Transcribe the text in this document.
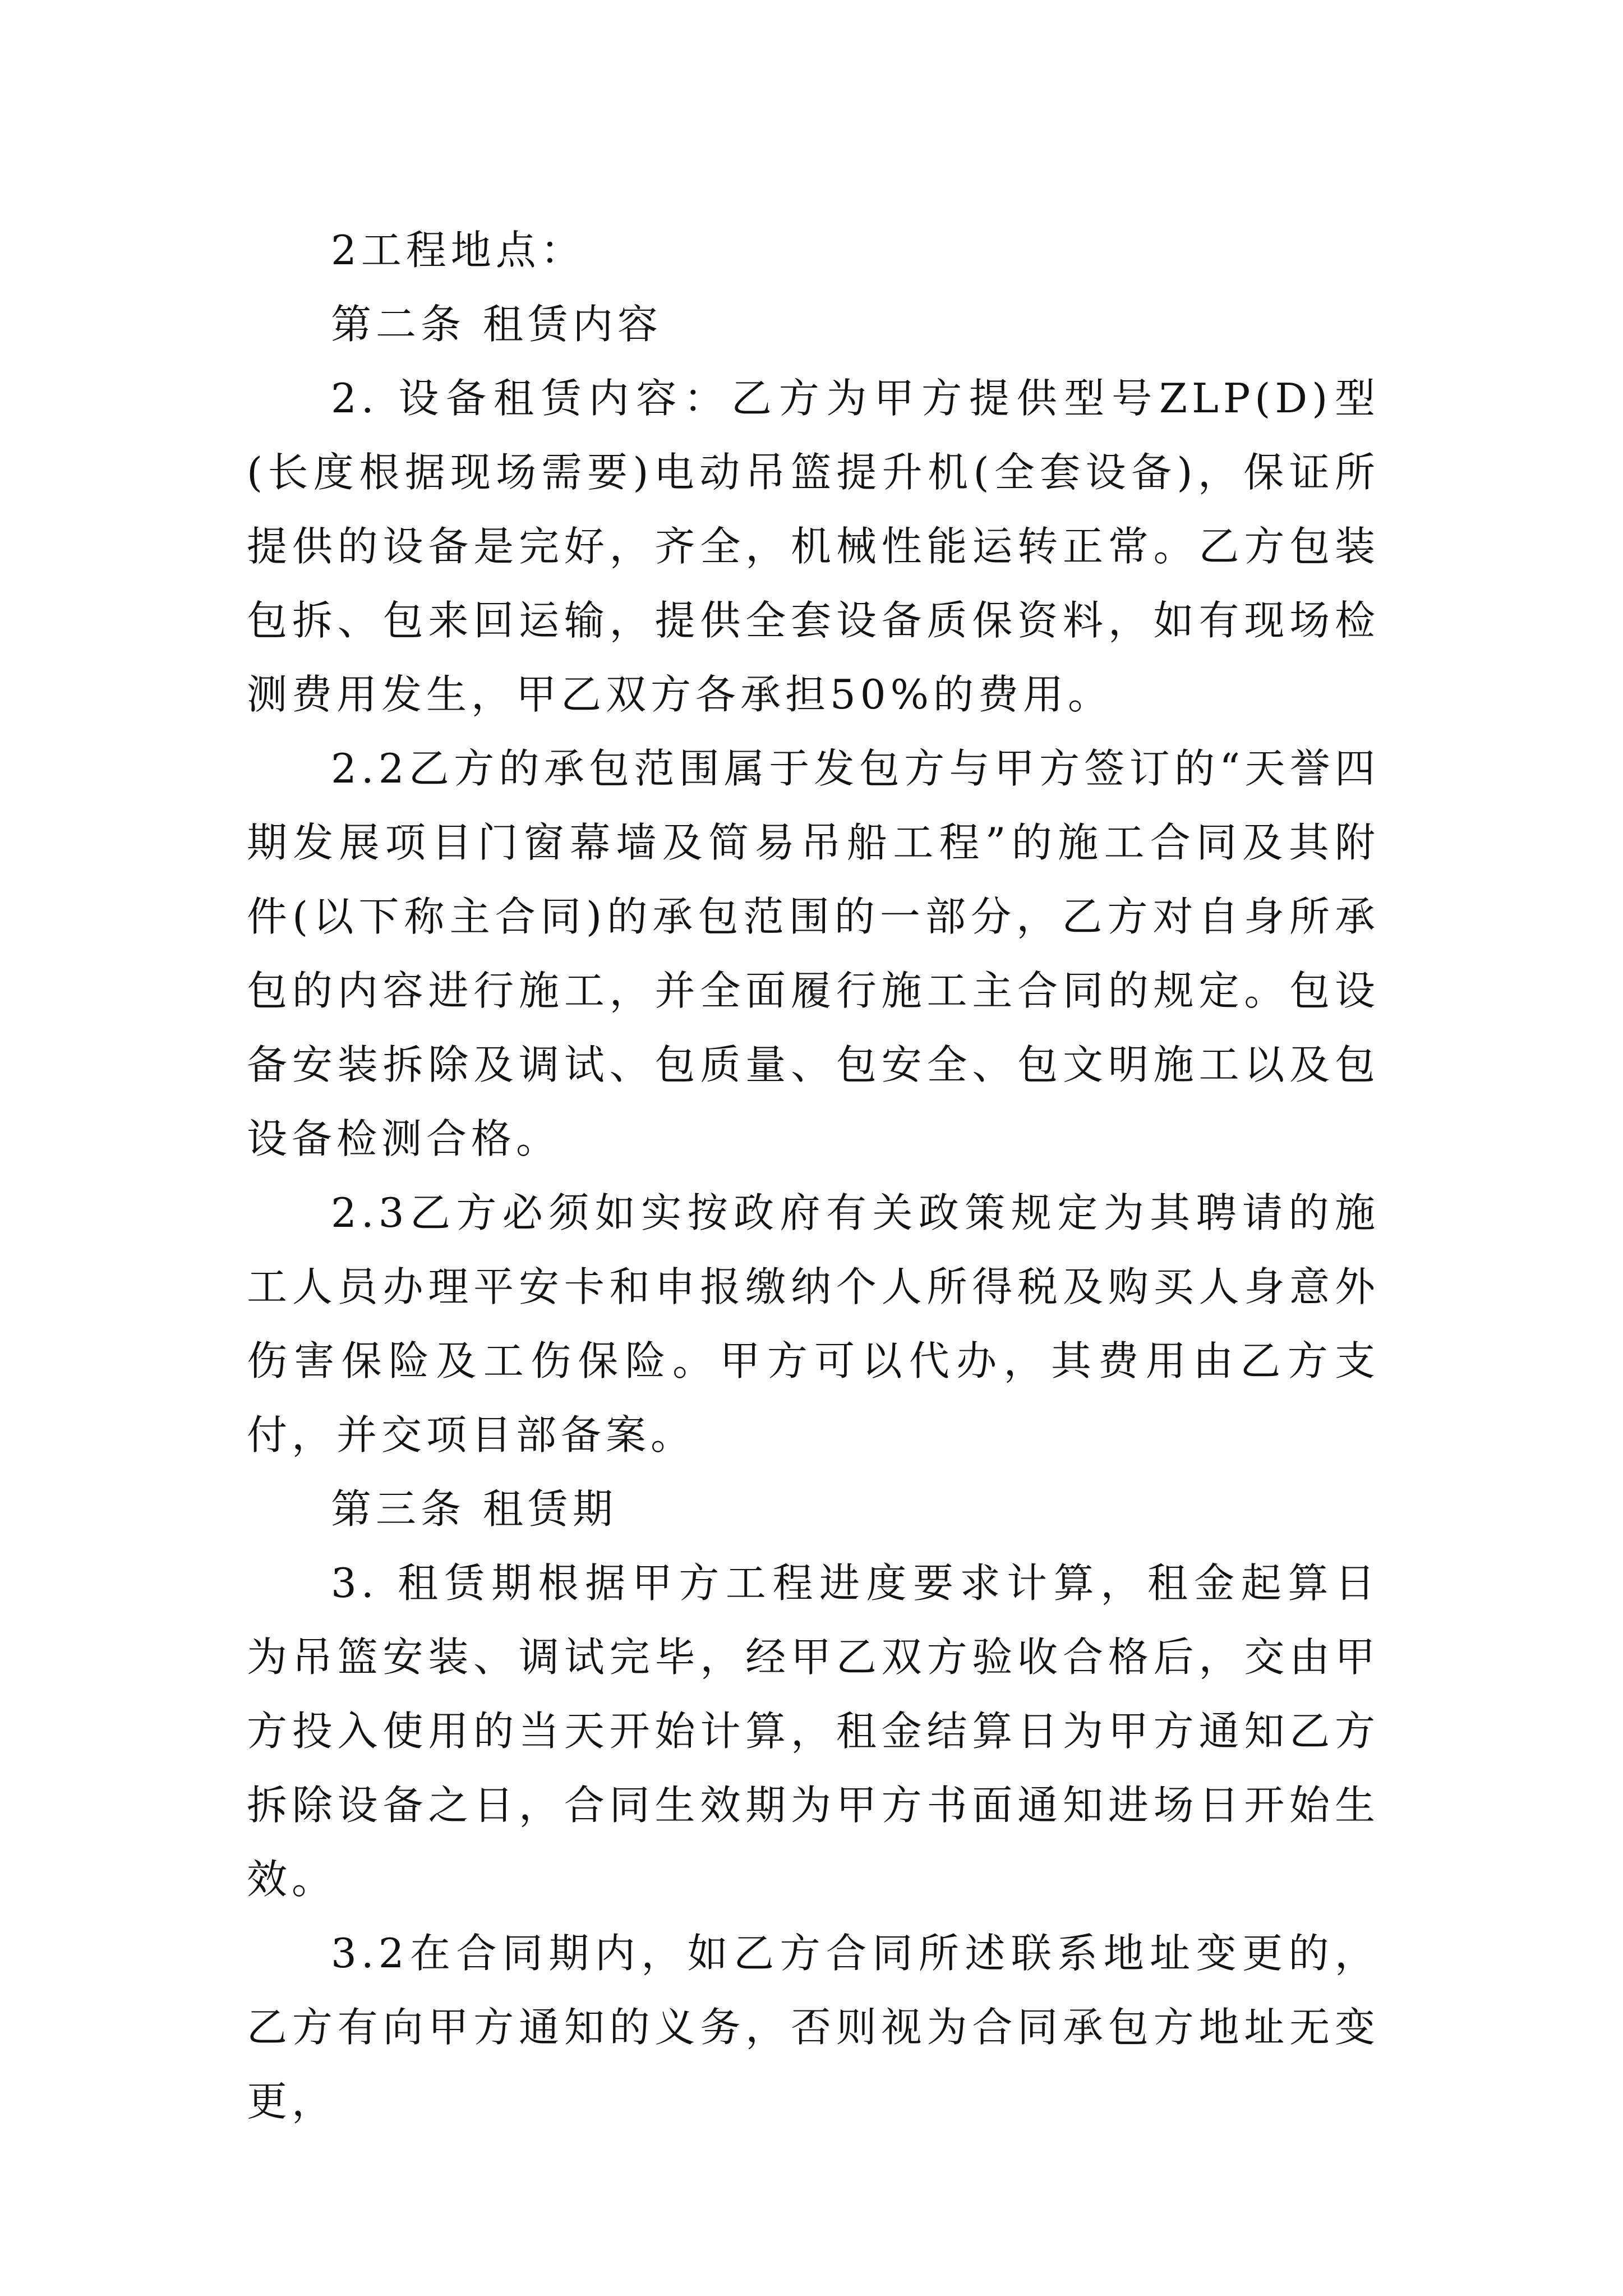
2工程地点：

第二条 租赁内容

2. 设备租赁内容：乙方为甲方提供型号ZLP(D)型(长度根据现场需要)电动吊篮提升机(全套设备)，保证所提供的设备是完好，齐全，机械性能运转正常。乙方包装包拆、包来回运输，提供全套设备质保资料，如有现场检测费用发生，甲乙双方各承担50%的费用。

2.2乙方的承包范围属于发包方与甲方签订的“天誉四期发展项目门窗幕墙及简易吊船工程”的施工合同及其附件(以下称主合同)的承包范围的一部分，乙方对自身所承包的内容进行施工，并全面履行施工主合同的规定。包设备安装拆除及调试、包质量、包安全、包文明施工以及包设备检测合格。

2.3乙方必须如实按政府有关政策规定为其聘请的施工人员办理平安卡和申报缴纳个人所得税及购买人身意外伤害保险及工伤保险。甲方可以代办，其费用由乙方支付，并交项目部备案。

第三条 租赁期

3. 租赁期根据甲方工程进度要求计算，租金起算日为吊篮安装、调试完毕，经甲乙双方验收合格后，交由甲方投入使用的当天开始计算，租金结算日为甲方通知乙方拆除设备之日，合同生效期为甲方书面通知进场日开始生效。

3.2在合同期内，如乙方合同所述联系地址变更的，乙方有向甲方通知的义务，否则视为合同承包方地址无变更，
